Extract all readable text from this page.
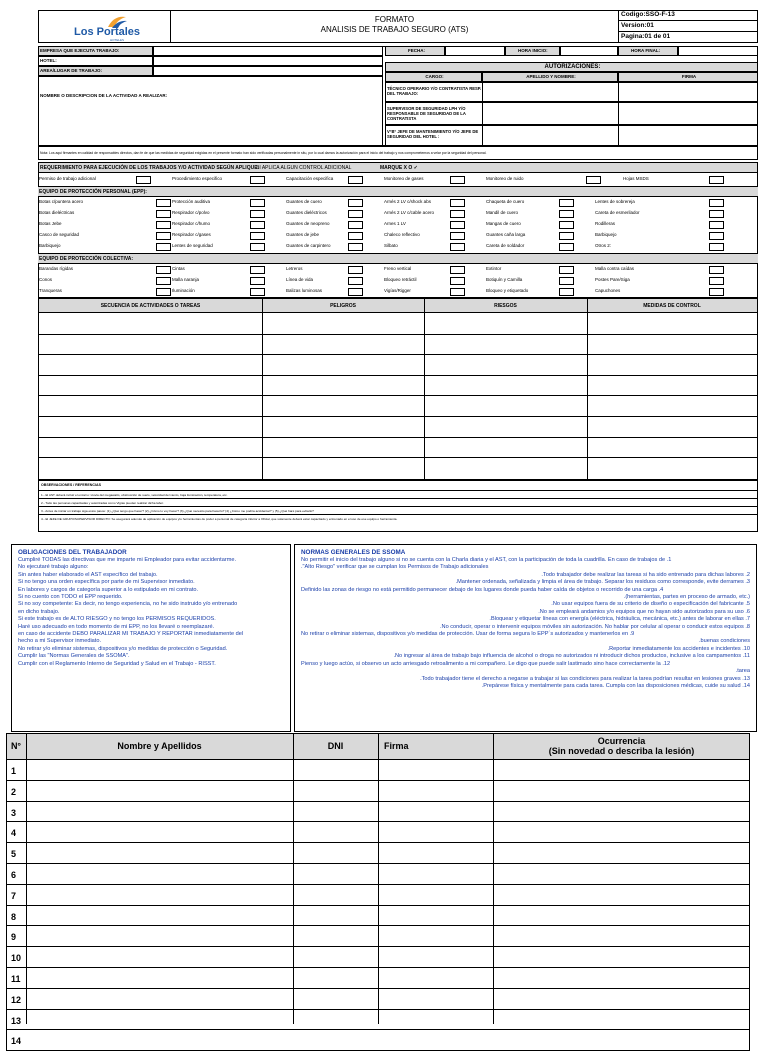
Los Portales
HOTELES
FORMATO
ANALISIS DE TRABAJO SEGURO (ATS)
Codigo:SSO-F-13
Version:01
Pagina:01 de 01
EMPRESA QUE EJECUTA TRABAJO:
HOTEL:
AREA/LUGAR DE TRABAJO:
NOMBRE O DESCRIPCION DE LA ACTIVIDAD A REALIZAR:
FECHA:	HORA INICIO:	HORA FINAL:
AUTORIZACIONES:
CARGO:	APELLIDO Y NOMBRE:	FIRMA
TÉCNICO OPERARIO Y/O CONTRATISTA RESP. DEL TRABAJO:
SUPERVISOR DE SEGURIDAD LPH Y/O RESPONSABLE DE SEGURIDAD DE LA CONTRATISTA
V°B° JEFE DE MANTENIMIENTO Y/O JEFE DE SEGURIDAD DEL HOTEL :
Nota: Los aqui firmantes en calidad de responsables directos, dan fe de que las medidas de seguridad exigidas en el presente formato han sido verificadas personalmente in situ, por lo cual damos la autorización para el inicio del trabajo y nos comprometemos a velar por la seguridad del personal.
REQUERIMIENTO PARA EJECUCIÓN DE LOS TRABAJOS Y/O ACTIVIDAD SEGÚN APLIQUE:
SI APLICA ALGUN CONTROL ADICIONAL	MARQUE X O ✓
Permiso de trabajo adicional	Procedimiento especifico	Capacitación especifica	Monitoreo de gases	Monitoreo de ruido	Hojas MSDS
EQUIPO DE PROTECCIÓN PERSONAL (EPP):
Botas c/puntera acero	Protección auditiva	Guantes de cuero	Arnés 2 LV c/shock abs	Chaqueta de cuero	Lentes de sobrereja
Botas dieléctricas	Respirador c/polvo	Guantes dieléctricos	Arnés 2 LV c/cable acero	Mandil de cuero	Careta de esmerilador
Botas Jebe	Respirador c/humo	Guantes de neopreno	Arnes 1 LV	Mangas de cuero	Rodilleras
Casco de seguridad	Respirador c/gases	Guantes de jebe	Chaleco reflectivo	Guantes caña larga	Barbiquejo
Barbiquejo	Lentes de seguridad	Guantes de carpintero	Silbato	Careta de soldador	Otros 2:
EQUIPO DE PROTECCIÓN COLECTIVA:
Barandas rígidas	Cintas	Letreros	Freno vertical	Extintor	Malla contra caídas
Conos	Malla naranja	Línea de vida	Bloqueo retráctil	Botiquín y Camilla	Postes Pare/Siga
Tranqueras	Iluminación	Balizas luminosas	Vigías/Rigger	Bloqueo y etiquetado	Capuchones
SECUENCIA DE ACTIVIDADES O TAREAS	PELIGROS	RIESGOS	MEDIDAS DE CONTROL
OBSERVACIONES / REFERENCIAS
1.- El AST deberá incluir el entorno: Lluvia del megawatts, obstrucción de suelo, velocidad del viento, baja iluminación, temperatura, etc.
2.- Todo las personas capacitadas y autorizadas como Vigías pueden realizar dicha labor.
3.- Antes de iniciar un trabajo siga estos pasos: (1) ¿Qué tengo que hacer? (2) ¿Cómo lo voy hacer? (3) ¿Qué necesito para hacerlo? (4) ¿Cómo me podría accidentar? y (5) ¿Qué haré para evitarlo?
4.- El JEFE DE GRUPO/SUPERVISOR DIRECTO: Se asegurará además de aplicación de equipos y/o herramientas de poder a personal de categoría inferior a Oficial, que solamente deberá estar capacitado y entrenado en el uso de ese equipo o herramienta.
OBLIGACIONES DEL TRABAJADOR
Cumpliré TODAS las directivas que me imparte mi Empleador para evitar accidentarme.
No ejecutaré trabajo alguno:
Sin antes haber elaborado el AST específico del trabajo.
Si no tengo una orden específica por parte de mi Supervisor inmediato.
En labores y cargos de categoría superior a lo estipulado en mi contrato.
Si no cuento con TODO el EPP requerido.
Si no soy competente: Es decir, no tengo experiencia, no he sido instruido y/o entrenado
en dicho trabajo.
Si este trabajo es de ALTO RIESGO y no tengo los PERMISOS REQUERIDOS.
Haré uso adecuado en todo momento de mi EPP, no los llevaré o reemplazaré.
en caso de accidente DEBO PARALIZAR MI TRABAJO Y REPORTAR inmediatamente del
hecho a mi Supervisor inmediato.
No retirar y/o eliminar sistemas, dispositivos y/o medidas de protección o Seguridad.
Cumplir las "Normas Generales de SSOMA".
Cumplir con el Reglamento Interno de Seguridad y Salud en el Trabajo - RISST.
NORMAS GENERALES DE SSOMA
No permitir el inicio del trabajo alguno si no se cuenta con la Charla diaria y el AST, con la participación de toda la cuadrilla. En caso de trabajos de .1
."Alto Riesgo" verificar que se cumplan los Permisos de Trabajo adicionales
.Todo trabajador debe realizar las tareas si ha sido entrenado para dichas labores .2
.Mantener ordenada, señalizada y limpia el área de trabajo. Separar los residuos como corresponde, evite derrames .3
Definido las zonas de riesgo no está permitido permanecer debajo de los lugares donde pueda haber caída de objetos o recorrido de una carga .4
.(herramientas, partes en proceso de armado, etc.)
.No usar equipos fuera de su criterio de diseño o especificación del fabricante .5
.No se empleará andamios y/o equipos que no hayan sido autorizados para su uso .6
.Bloquear y etiquetar líneas con energía (eléctrica, hidráulica, mecánica, etc.) antes de laborar en ellas .7
.No conducir, operar o intervenir equipos móviles sin autorización. No hablar por celular al operar o conducir estos equipos .8
No retirar o eliminar sistemas, dispositivos y/o medidas de protección. Usar de forma segura lo EPP´s autorizados y mantenerlos en .9
.buenas condiciones
.Reportar inmediatamente los accidentes e incidentes .10
.No ingresar al área de trabajo bajo influencia de alcohol o droga no autorizados ni introducir dichos productos, inclusive a los campamentos .11
Pienso y luego actúo, si observo un acto arriesgado retroalimento a mi compañero. Le digo que puede salir lastimado sino hace correctamente la .12
.tarea
.Todo trabajador tiene el derecho a negarse a trabajar si las condiciones para realizar la tarea podrían resultar en lesiones graves .13
.Prepárese física y mentalmente para cada tarea. Cumpla con las disposiciones médicas, cuide su salud .14
N°	Nombre y Apellidos	DNI	Firma	Ocurrencia
(Sin novedad o describa la lesión)
1
2
3
4
5
6
7
8
9
10
11
12
13
14
